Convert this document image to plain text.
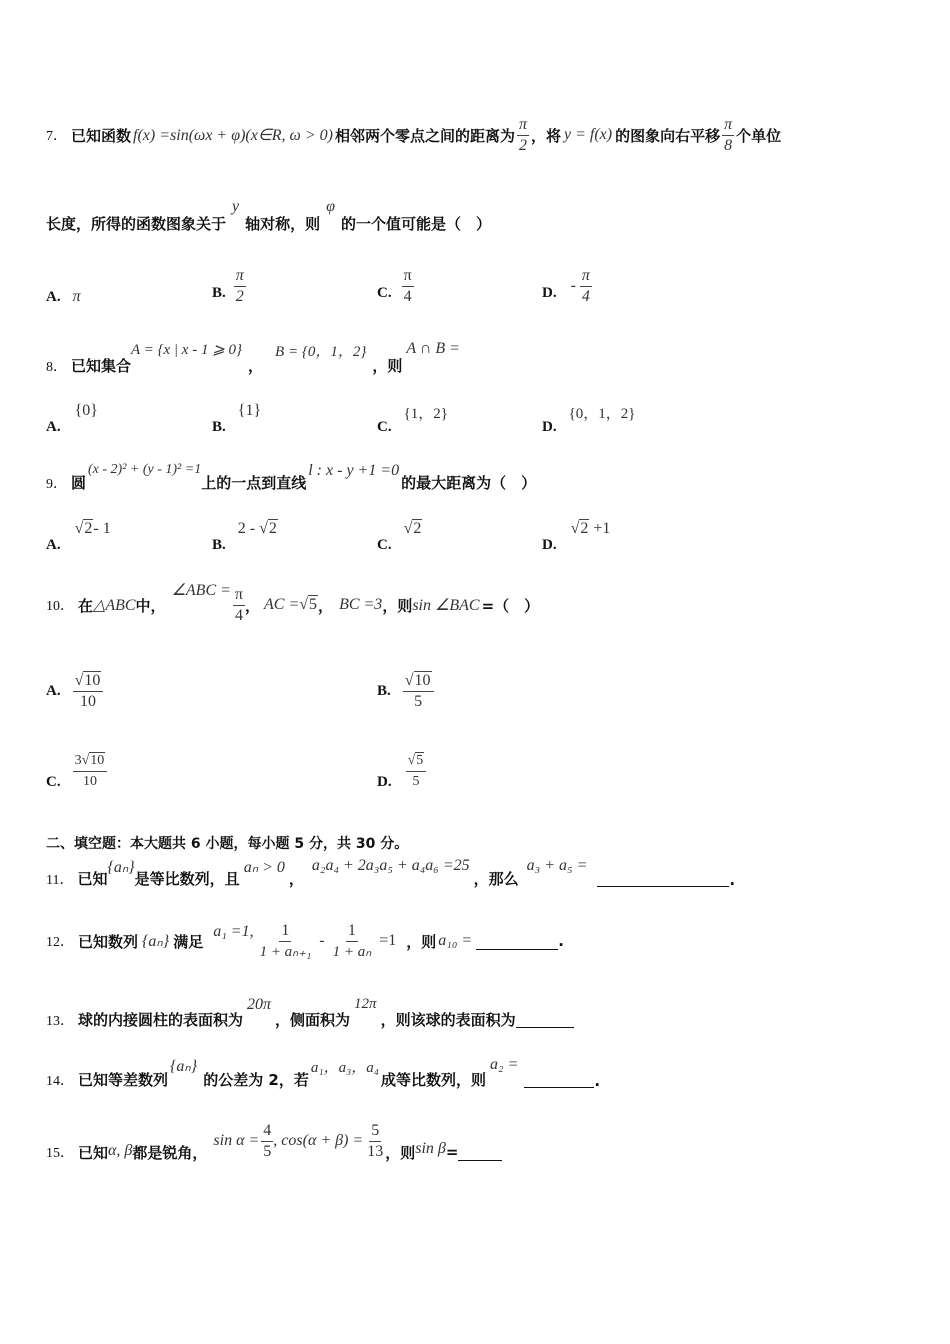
7． 已知函数 f(x) =sin(ωx + φ)(x∈R, ω > 0) 相邻两个零点之间的距离为 $\frac{\pi}{2}$ ，将 y = f(x) 的图象向右平移 $\frac{\pi}{8}$ 个单位
长度，所得的函数图象关于
y
轴对称，则
φ
的一个值可能是（　）
A. π	B. $\frac{\pi}{2}$	C. $\frac{\pi}{4}$	D. - $\frac{\pi}{4}$
8． 已知集合
A = {x | x - 1 ⩾ 0}
，
B = {0，1，2}
，则
A ∩ B =
A.
{0}
B.
{1}
C.
{1，2}
D.
{0，1，2}
9． 圆
(x - 2)² + (y - 1)² =1
上的一点到直线
l : x - y +1 =0
的最大距离为（　）
A.
√2 - 1
B.
2 - √2
C.
√2
D.
√2 +1
10． 在 △ABC 中，
∠ABC = $\frac{\pi}{4}$ ， AC = √5 ， BC =3 ，则 sin ∠BAC =（　）
A. $\frac{√10}{10}$	B. $\frac{√10}{5}$
C. $\frac{3√10}{10}$	D. $\frac{√5}{5}$
二、填空题：本大题共 6 小题，每小题 5 分，共 30 分。
11． 已知
{aₙ}
是等比数列，且
aₙ > 0
，
a₂a₄ + 2a₃a₅ + a₄a₆ =25
，那么
a₃ + a₅ =
.
12． 已知数列 {aₙ} 满足
a₁ =1, $\frac{1}{\text{1 + aₙ₊₁}} - \frac{1}{\text{1 + aₙ}} =1$ ，则 a₁₀ =	.
13． 球的内接圆柱的表面积为
20π
，侧面积为
12π
，则该球的表面积为
14． 已知等差数列
{aₙ}
的公差为 2，若
a₁，a₃，a₄
成等比数列，则
a₂ =
.
15． 已知 α, β 都是锐角，
$\sin \alpha = \frac{4}{5}$ , $\cos(\alpha + \beta) = \frac{5}{13}$ ，则 sin β =
